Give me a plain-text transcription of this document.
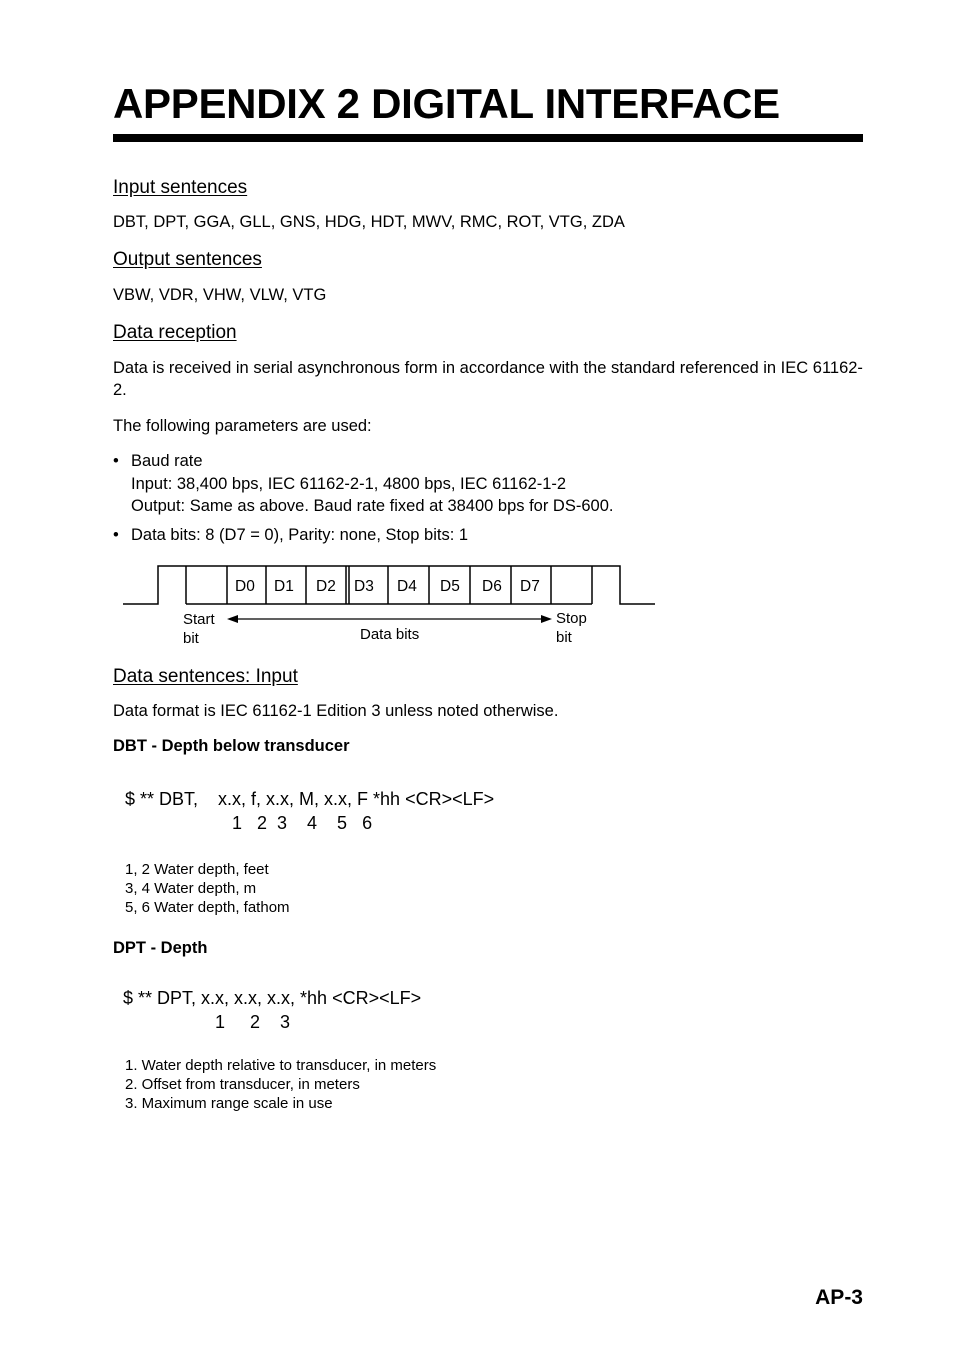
APPENDIX 2 DIGITAL INTERFACE
Input sentences
DBT, DPT, GGA, GLL, GNS, HDG, HDT, MWV, RMC, ROT, VTG, ZDA
Output sentences
VBW, VDR, VHW, VLW, VTG
Data reception
Data is received in serial asynchronous form in accordance with the standard referenced in IEC 61162-2.
The following parameters are used:
• Baud rate
Input: 38,400 bps, IEC 61162-2-1, 4800 bps, IEC 61162-1-2
Output: Same as above. Baud rate fixed at 38400 bps for DS-600.
• Data bits: 8 (D7 = 0), Parity: none, Stop bits: 1
D0 D1 D2 D3 D4 D5 D6 D7
Start
bit
Stop
bit
Data bits
Data sentences: Input
Data format is IEC 61162-1 Edition 3 unless noted otherwise.
DBT - Depth below transducer
$ ** DBT,    x.x, f, x.x, M, x.x, F *hh <CR><LF>
1   2  3    4    5   6
1, 2 Water depth, feet
3, 4 Water depth, m
5, 6 Water depth, fathom
DPT - Depth
$ ** DPT, x.x, x.x, x.x, *hh <CR><LF>
1     2    3
1. Water depth relative to transducer, in meters
2. Offset from transducer, in meters
3. Maximum range scale in use
AP-3
